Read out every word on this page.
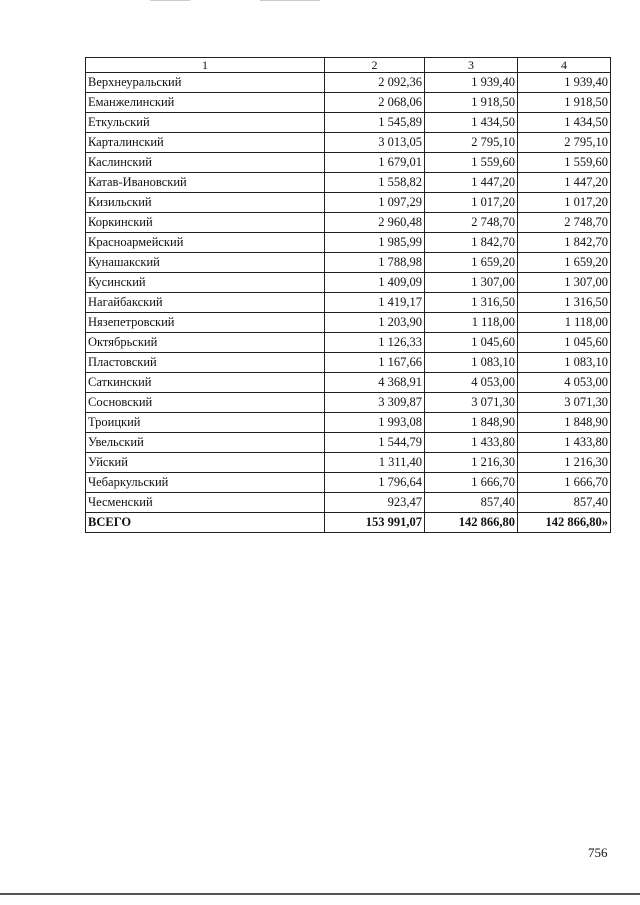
1	2	3	4
Верхнеуральский	2 092,36	1 939,40	1 939,40
Еманжелинский	2 068,06	1 918,50	1 918,50
Еткульский	1 545,89	1 434,50	1 434,50
Карталинский	3 013,05	2 795,10	2 795,10
Каслинский	1 679,01	1 559,60	1 559,60
Катав-Ивановский	1 558,82	1 447,20	1 447,20
Кизильский	1 097,29	1 017,20	1 017,20
Коркинский	2 960,48	2 748,70	2 748,70
Красноармейский	1 985,99	1 842,70	1 842,70
Кунашакский	1 788,98	1 659,20	1 659,20
Кусинский	1 409,09	1 307,00	1 307,00
Нагайбакский	1 419,17	1 316,50	1 316,50
Нязепетровский	1 203,90	1 118,00	1 118,00
Октябрьский	1 126,33	1 045,60	1 045,60
Пластовский	1 167,66	1 083,10	1 083,10
Саткинский	4 368,91	4 053,00	4 053,00
Сосновский	3 309,87	3 071,30	3 071,30
Троицкий	1 993,08	1 848,90	1 848,90
Увельский	1 544,79	1 433,80	1 433,80
Уйский	1 311,40	1 216,30	1 216,30
Чебаркульский	1 796,64	1 666,70	1 666,70
Чесменский	923,47	857,40	857,40
ВСЕГО	153 991,07	142 866,80	142 866,80»
756
